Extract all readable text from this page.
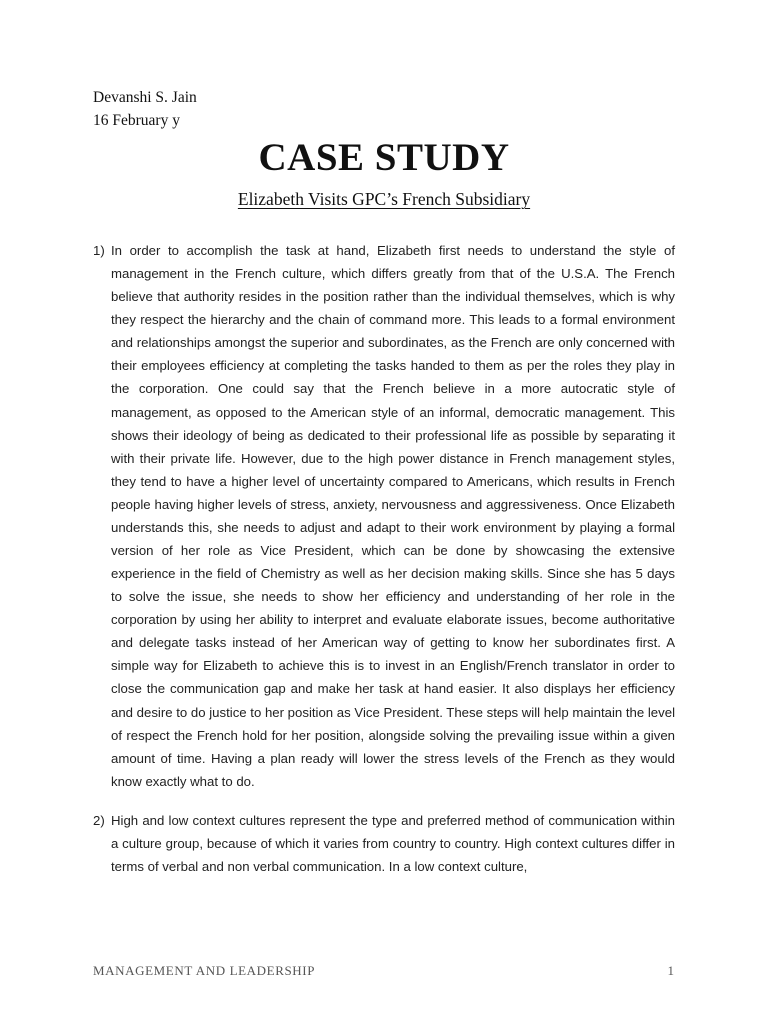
Devanshi S. Jain
16 February y
CASE STUDY
Elizabeth Visits GPC’s French Subsidiary
1) In order to accomplish the task at hand, Elizabeth first needs to understand the style of management in the French culture, which differs greatly from that of the U.S.A. The French believe that authority resides in the position rather than the individual themselves, which is why they respect the hierarchy and the chain of command more. This leads to a formal environment and relationships amongst the superior and subordinates, as the French are only concerned with their employees efficiency at completing the tasks handed to them as per the roles they play in the corporation. One could say that the French believe in a more autocratic style of management, as opposed to the American style of an informal, democratic management. This shows their ideology of being as dedicated to their professional life as possible by separating it with their private life. However, due to the high power distance in French management styles, they tend to have a higher level of uncertainty compared to Americans, which results in French people having higher levels of stress, anxiety, nervousness and aggressiveness. Once Elizabeth understands this, she needs to adjust and adapt to their work environment by playing a formal version of her role as Vice President, which can be done by showcasing the extensive experience in the field of Chemistry as well as her decision making skills. Since she has 5 days to solve the issue, she needs to show her efficiency and understanding of her role in the corporation by using her ability to interpret and evaluate elaborate issues, become authoritative and delegate tasks instead of her American way of getting to know her subordinates first. A simple way for Elizabeth to achieve this is to invest in an English/French translator in order to close the communication gap and make her task at hand easier. It also displays her efficiency and desire to do justice to her position as Vice President. These steps will help maintain the level of respect the French hold for her position, alongside solving the prevailing issue within a given amount of time. Having a plan ready will lower the stress levels of the French as they would know exactly what to do.
2) High and low context cultures represent the type and preferred method of communication within a culture group, because of which it varies from country to country. High context cultures differ in terms of verbal and non verbal communication. In a low context culture,
MANAGEMENT AND LEADERSHIP	1
